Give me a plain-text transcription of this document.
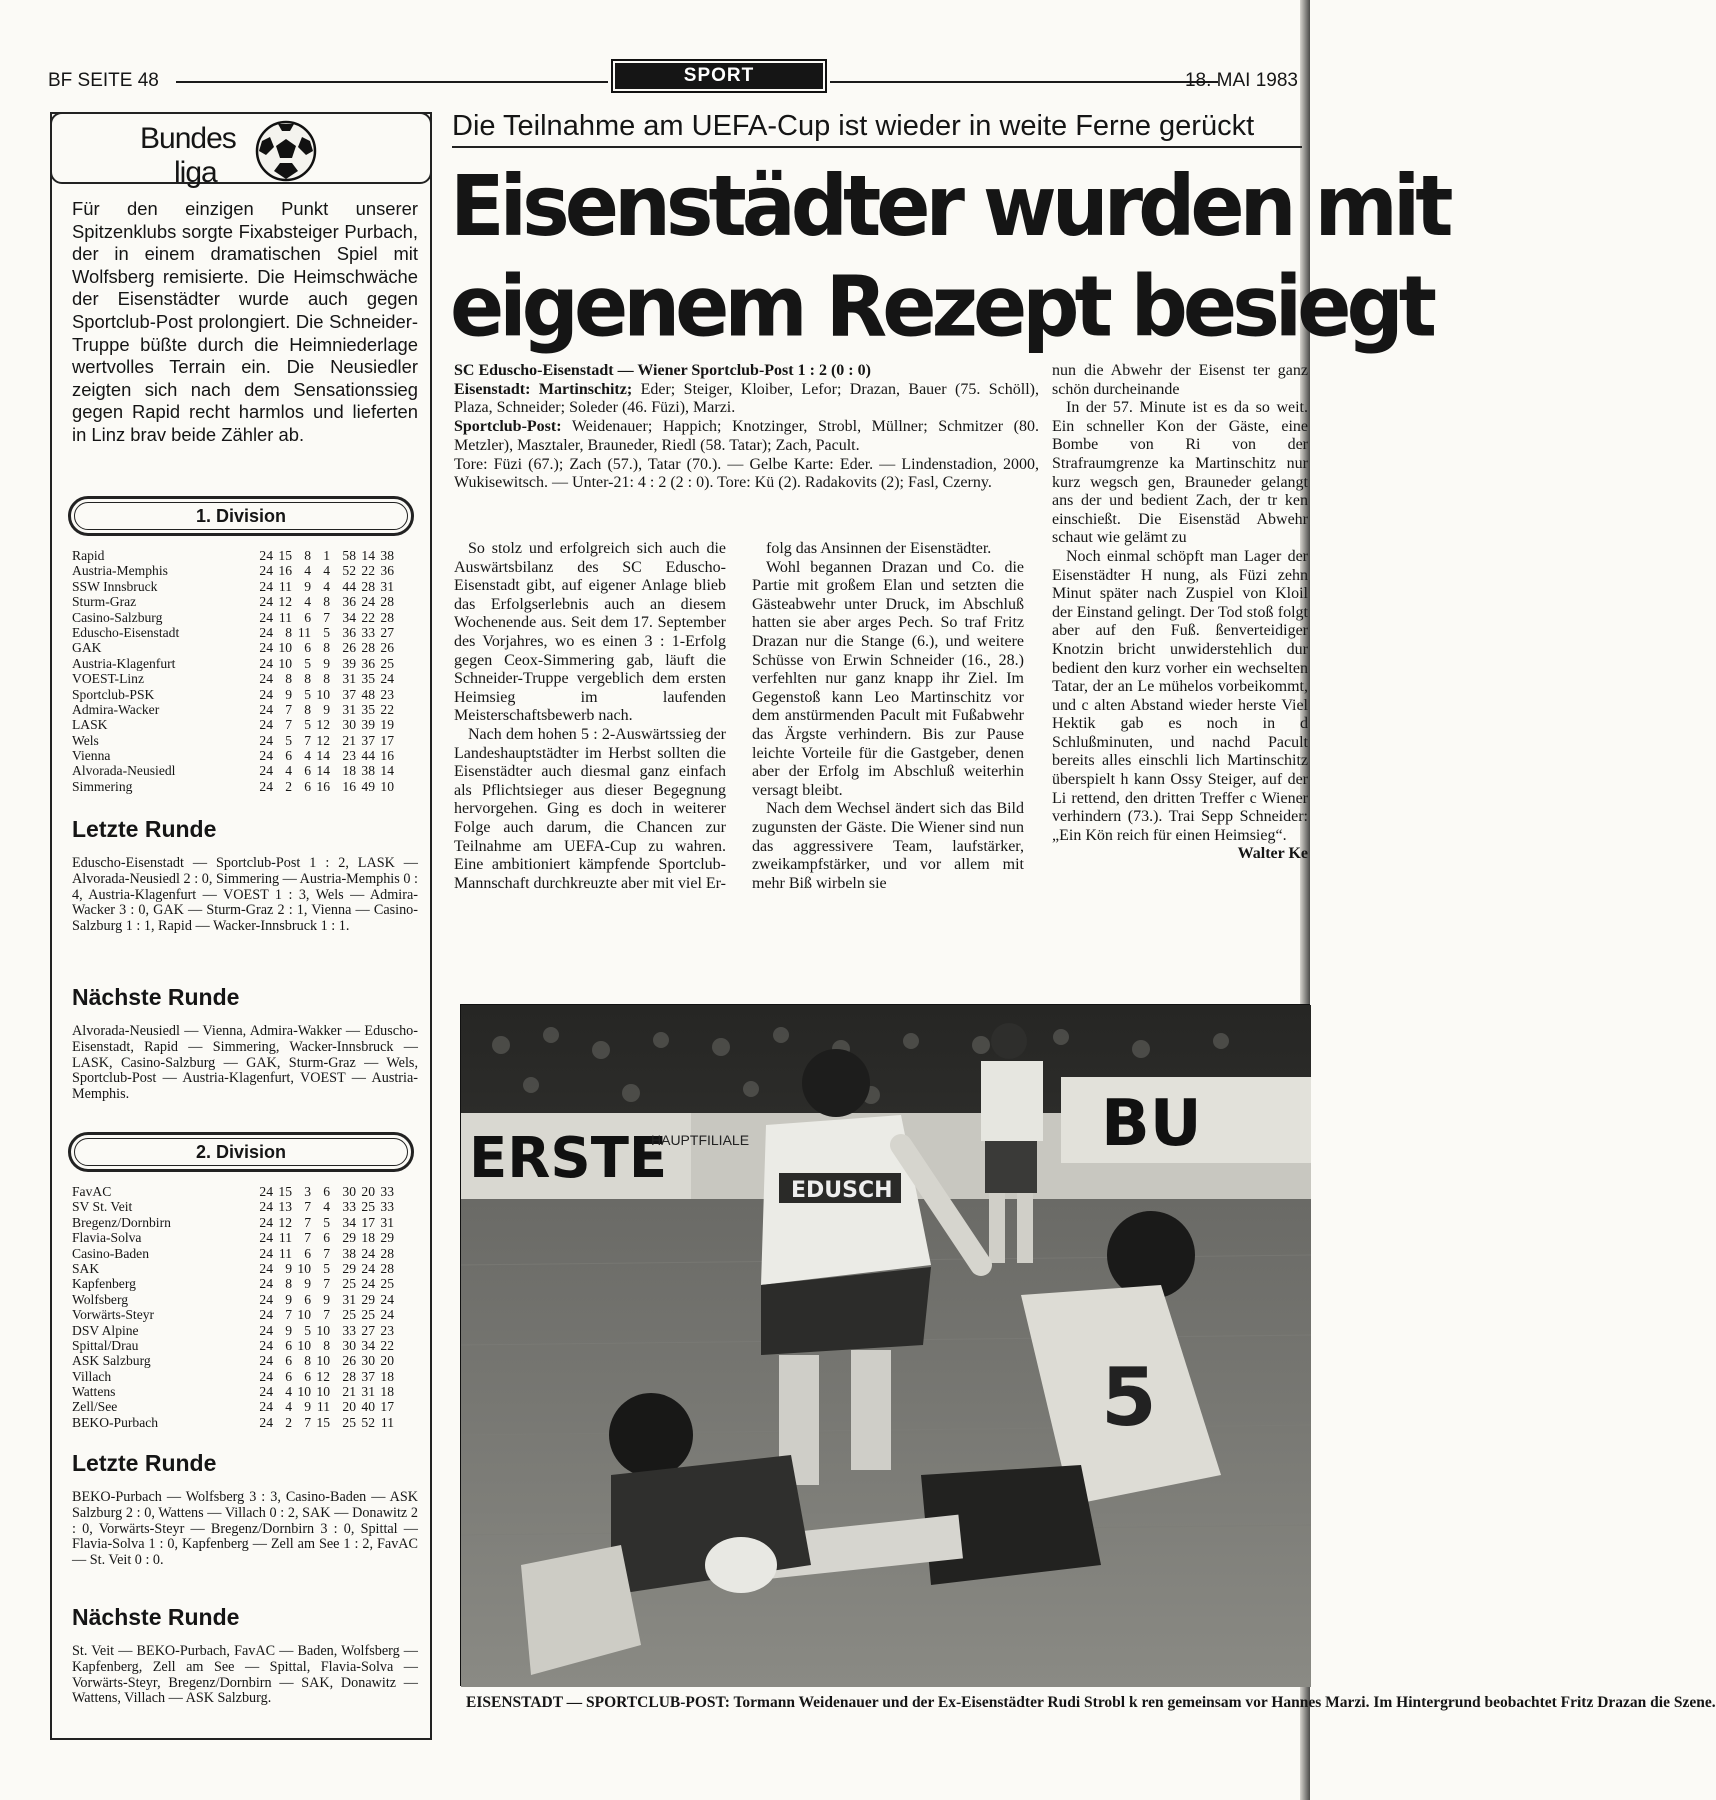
BF SEITE 48	SPORT	18. MAI 1983
Bundes
liga
Für den einzigen Punkt unserer Spitzenklubs sorgte Fixabsteiger Purbach, der in einem dramatischen Spiel mit Wolfsberg remisierte. Die Heimschwäche der Eisenstädter wurde auch gegen Sportclub-Post prolongiert. Die Schneider-Truppe büßte durch die Heimniederlage wertvolles Terrain ein. Die Neusiedler zeigten sich nach dem Sensationssieg gegen Rapid recht harmlos und lieferten in Linz brav beide Zähler ab.
1. Division
Rapid	24 15 8 1 58 14 38
Austria-Memphis	24 16 4 4 52 22 36
SSW Innsbruck	24 11 9 4 44 28 31
Sturm-Graz	24 12 4 8 36 24 28
Casino-Salzburg	24 11 6 7 34 22 28
Eduscho-Eisenstadt	24 8 11 5 36 33 27
GAK	24 10 6 8 26 28 26
Austria-Klagenfurt	24 10 5 9 39 36 25
VOEST-Linz	24 8 8 8 31 35 24
Sportclub-PSK	24 9 5 10 37 48 23
Admira-Wacker	24 7 8 9 31 35 22
LASK	24 7 5 12 30 39 19
Wels	24 5 7 12 21 37 17
Vienna	24 6 4 14 23 44 16
Alvorada-Neusiedl	24 4 6 14 18 38 14
Simmering	24 2 6 16 16 49 10
Letzte Runde
Eduscho-Eisenstadt — Sportclub-Post 1 : 2, LASK — Alvorada-Neusiedl 2 : 0, Simmering — Austria-Memphis 0 : 4, Austria-Klagenfurt — VOEST 1 : 3, Wels — Admira-Wacker 3 : 0, GAK — Sturm-Graz 2 : 1, Vienna — Casino-Salzburg 1 : 1, Rapid — Wacker-Innsbruck 1 : 1.
Nächste Runde
Alvorada-Neusiedl — Vienna, Admira-Wakker — Eduscho-Eisenstadt, Rapid — Simmering, Wacker-Innsbruck — LASK, Casino-Salzburg — GAK, Sturm-Graz — Wels, Sportclub-Post — Austria-Klagenfurt, VOEST — Austria-Memphis.
2. Division
FavAC	24 15 3 6 30 20 33
SV St. Veit	24 13 7 4 33 25 33
Bregenz/Dornbirn	24 12 7 5 34 17 31
Flavia-Solva	24 11 7 6 29 18 29
Casino-Baden	24 11 6 7 38 24 28
SAK	24 9 10 5 29 24 28
Kapfenberg	24 8 9 7 25 24 25
Wolfsberg	24 9 6 9 31 29 24
Vorwärts-Steyr	24 7 10 7 25 25 24
DSV Alpine	24 9 5 10 33 27 23
Spittal/Drau	24 6 10 8 30 34 22
ASK Salzburg	24 6 8 10 26 30 20
Villach	24 6 6 12 28 37 18
Wattens	24 4 10 10 21 31 18
Zell/See	24 4 9 11 20 40 17
BEKO-Purbach	24 2 7 15 25 52 11
Letzte Runde
BEKO-Purbach — Wolfsberg 3 : 3, Casino-Baden — ASK Salzburg 2 : 0, Wattens — Villach 0 : 2, SAK — Donawitz 2 : 0, Vorwärts-Steyr — Bregenz/Dornbirn 3 : 0, Spittal — Flavia-Solva 1 : 0, Kapfenberg — Zell am See 1 : 2, FavAC — St. Veit 0 : 0.
Nächste Runde
St. Veit — BEKO-Purbach, FavAC — Baden, Wolfsberg — Kapfenberg, Zell am See — Spittal, Flavia-Solva — Vorwärts-Steyr, Bregenz/Dornbirn — SAK, Donawitz — Wattens, Villach — ASK Salzburg.
Die Teilnahme am UEFA-Cup ist wieder in weite Ferne gerückt
Eisenstädter wurden mit
eigenem Rezept besiegt

SC Eduscho-Eisenstadt — Wiener Sportclub-Post 1 : 2 (0 : 0)

Eisenstadt: Martinschitz; Eder; Steiger, Kloiber, Lefor; Drazan, Bauer (75. Schöll), Plaza, Schneider; Soleder (46. Füzi), Marzi.

Sportclub-Post: Weidenauer; Happich; Knotzinger, Strobl, Müllner; Schmitzer (80. Metzler), Masztaler, Brauneder, Riedl (58. Tatar); Zach, Pacult.

Tore: Füzi (67.); Zach (57.), Tatar (70.). — Gelbe Karte: Eder. — Lindenstadion, 2000, Wukisewitsch. — Unter-21: 4 : 2 (2 : 0). Tore: Kü (2). Radakovits (2); Fasl, Czerny.

So stolz und erfolgreich sich auch die Auswärtsbilanz des SC Eduscho-Eisenstadt gibt, auf eigener Anlage blieb das Erfolgserlebnis auch an diesem Wochenende aus. Seit dem 17. September des Vorjahres, wo es einen 3 : 1-Erfolg gegen Ceox-Simmering gab, läuft die Schneider-Truppe vergeblich dem ersten Heimsieg im laufenden Meisterschaftsbewerb nach.

Nach dem hohen 5 : 2-Auswärtssieg der Landeshauptstädter im Herbst sollten die Eisenstädter auch diesmal ganz einfach als Pflichtsieger aus dieser Begegnung hervorgehen. Ging es doch in weiterer Folge auch darum, die Chancen zur Teilnahme am UEFA-Cup zu wahren. Eine ambitioniert kämpfende Sportclub-Mannschaft durchkreuzte aber mit viel Er-

folg das Ansinnen der Eisenstädter.

Wohl begannen Drazan und Co. die Partie mit großem Elan und setzten die Gästeabwehr unter Druck, im Abschluß hatten sie aber arges Pech. So traf Fritz Drazan nur die Stange (6.), und weitere Schüsse von Erwin Schneider (16., 28.) verfehlten nur ganz knapp ihr Ziel. Im Gegenstoß kann Leo Martinschitz vor dem anstürmenden Pacult mit Fußabwehr das Ärgste verhindern. Bis zur Pause leichte Vorteile für die Gastgeber, denen aber der Erfolg im Abschluß weiterhin versagt bleibt.

Nach dem Wechsel ändert sich das Bild zugunsten der Gäste. Die Wiener sind nun das aggressivere Team, laufstärker, zweikampfstärker, und vor allem mit mehr Biß wirbeln sie

nun die Abwehr der Eisenst ter ganz schön durcheinande

In der 57. Minute ist es da so weit. Ein schneller Kon der Gäste, eine Bombe von Ri von der Strafraumgrenze ka Martinschitz nur kurz wegsch gen, Brauneder gelangt ans der und bedient Zach, der tr ken einschießt. Die Eisenstäd Abwehr schaut wie gelämt zu

Noch einmal schöpft man Lager der Eisenstädter H nung, als Füzi zehn Minut später nach Zuspiel von Kloil der Einstand gelingt. Der Tod stoß folgt aber auf den Fuß. ßenverteidiger Knotzin bricht unwiderstehlich dur bedient den kurz vorher ein wechselten Tatar, der an Le mühelos vorbeikommt, und c alten Abstand wieder herste Viel Hektik gab es noch in d Schlußminuten, und nachd Pacult bereits alles einschli lich Martinschitz überspielt h kann Ossy Steiger, auf der Li rettend, den dritten Treffer c Wiener verhindern (73.). Trai Sepp Schneider: „Ein Kön reich für einen Heimsieg“.

Walter Ke

ERSTE
HAUPTFILIALE	BU
EDUSCH
5
EISENSTADT — SPORTCLUB-POST: Tormann Weidenauer und der Ex-Eisenstädter Rudi Strobl k ren gemeinsam vor Hannes Marzi. Im Hintergrund beobachtet Fritz Drazan die Szene.
